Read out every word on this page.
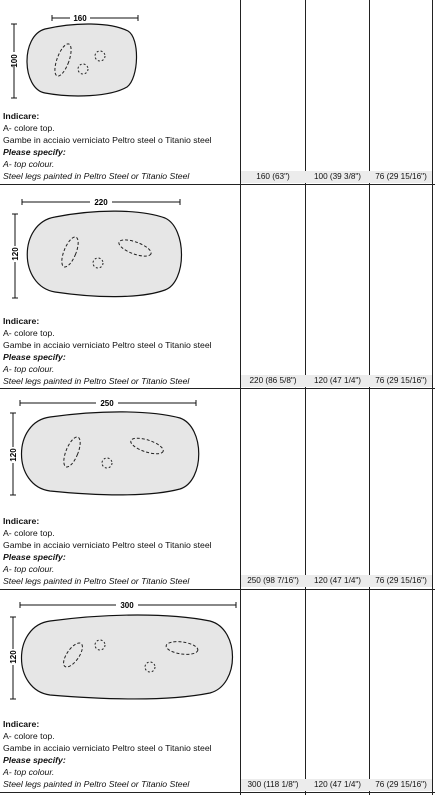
160
100
Indicare:
A- colore top.
Gambe in acciaio verniciato Peltro steel o Titanio steel
Please specify:
A- top colour.
Steel legs painted in Peltro Steel or Titanio Steel	160 (63")	100 (39 3/8")	76 (29 15/16")
220
120
Indicare:
A- colore top.
Gambe in acciaio verniciato Peltro steel o Titanio steel
Please specify:
A- top colour.
Steel legs painted in Peltro Steel or Titanio Steel	220 (86 5/8")	120 (47 1/4")	76 (29 15/16")
250
120
Indicare:
A- colore top.
Gambe in acciaio verniciato Peltro steel o Titanio steel
Please specify:
A- top colour.
Steel legs painted in Peltro Steel or Titanio Steel	250 (98 7/16")	120 (47 1/4")	76 (29 15/16")
300
120
Indicare:
A- colore top.
Gambe in acciaio verniciato Peltro steel o Titanio steel
Please specify:
A- top colour.
Steel legs painted in Peltro Steel or Titanio Steel	300 (118 1/8")	120 (47 1/4")	76 (29 15/16")
